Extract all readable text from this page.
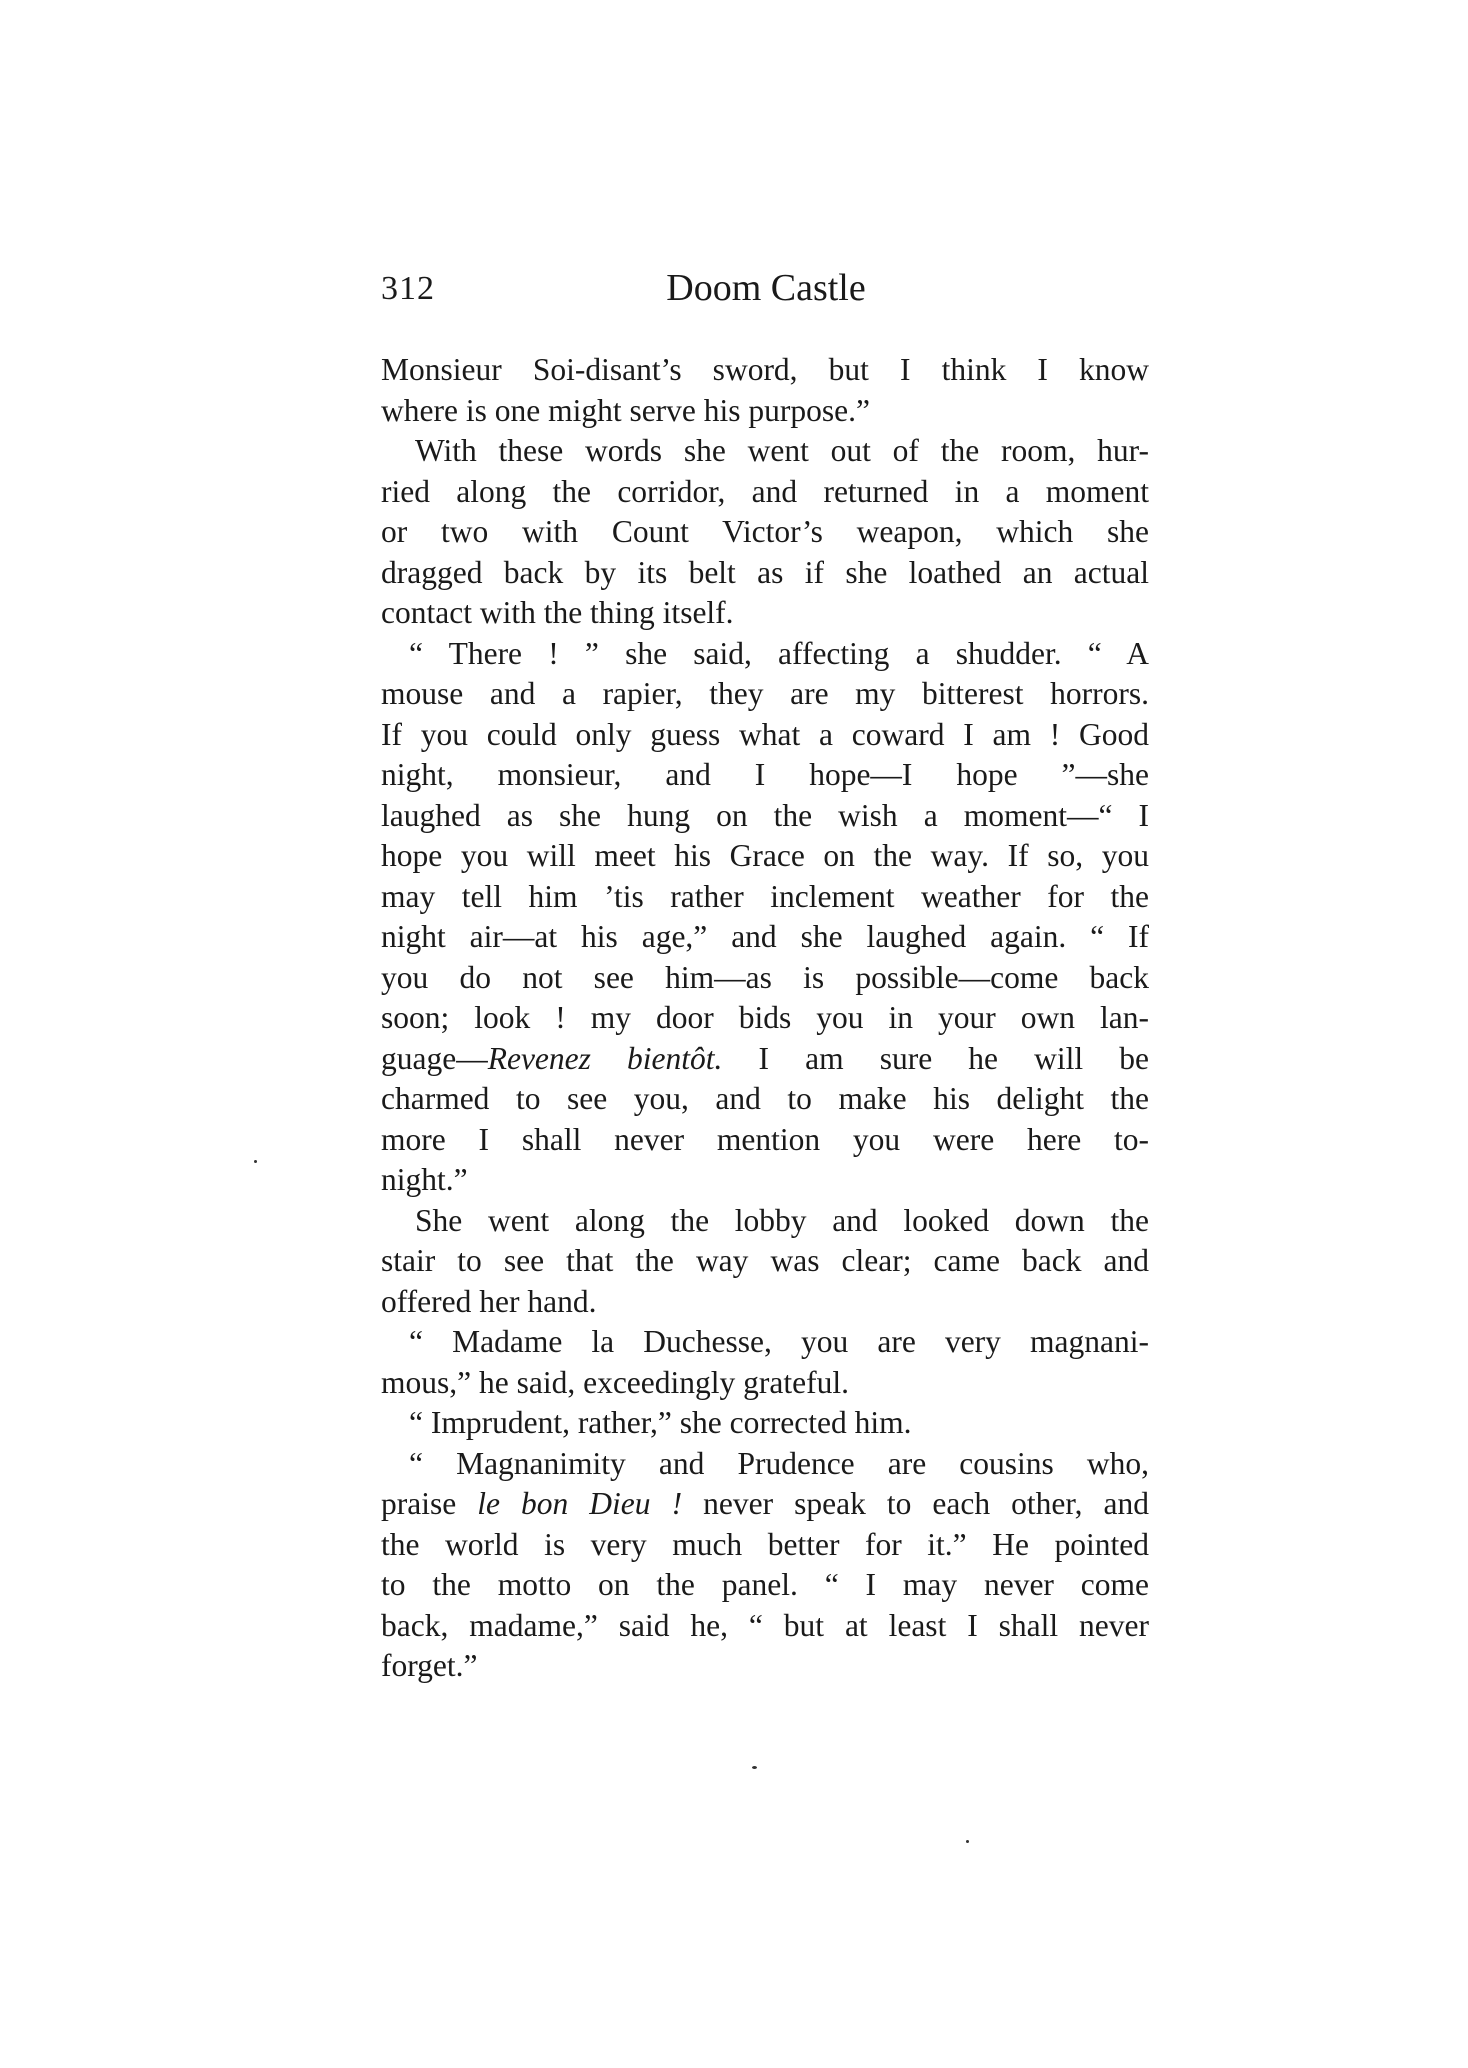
312	Doom Castle
Monsieur Soi-disant’s sword, but I think I know
where is one might serve his purpose.”
With these words she went out of the room, hur-
ried along the corridor, and returned in a moment
or two with Count Victor’s weapon, which she
dragged back by its belt as if she loathed an actual
contact with the thing itself.
“ There ! ” she said, affecting a shudder. “ A
mouse and a rapier, they are my bitterest horrors.
If you could only guess what a coward I am ! Good
night, monsieur, and I hope—I hope ”—she
laughed as she hung on the wish a moment—“ I
hope you will meet his Grace on the way. If so, you
may tell him ’tis rather inclement weather for the
night air—at his age,” and she laughed again. “ If
you do not see him—as is possible—come back
soon; look ! my door bids you in your own lan-
guage—Revenez bientôt. I am sure he will be
charmed to see you, and to make his delight the
more I shall never mention you were here to-
night.”
She went along the lobby and looked down the
stair to see that the way was clear; came back and
offered her hand.
“ Madame la Duchesse, you are very magnani-
mous,” he said, exceedingly grateful.
“ Imprudent, rather,” she corrected him.
“ Magnanimity and Prudence are cousins who,
praise le bon Dieu ! never speak to each other, and
the world is very much better for it.” He pointed
to the motto on the panel. “ I may never come
back, madame,” said he, “ but at least I shall never
forget.”
